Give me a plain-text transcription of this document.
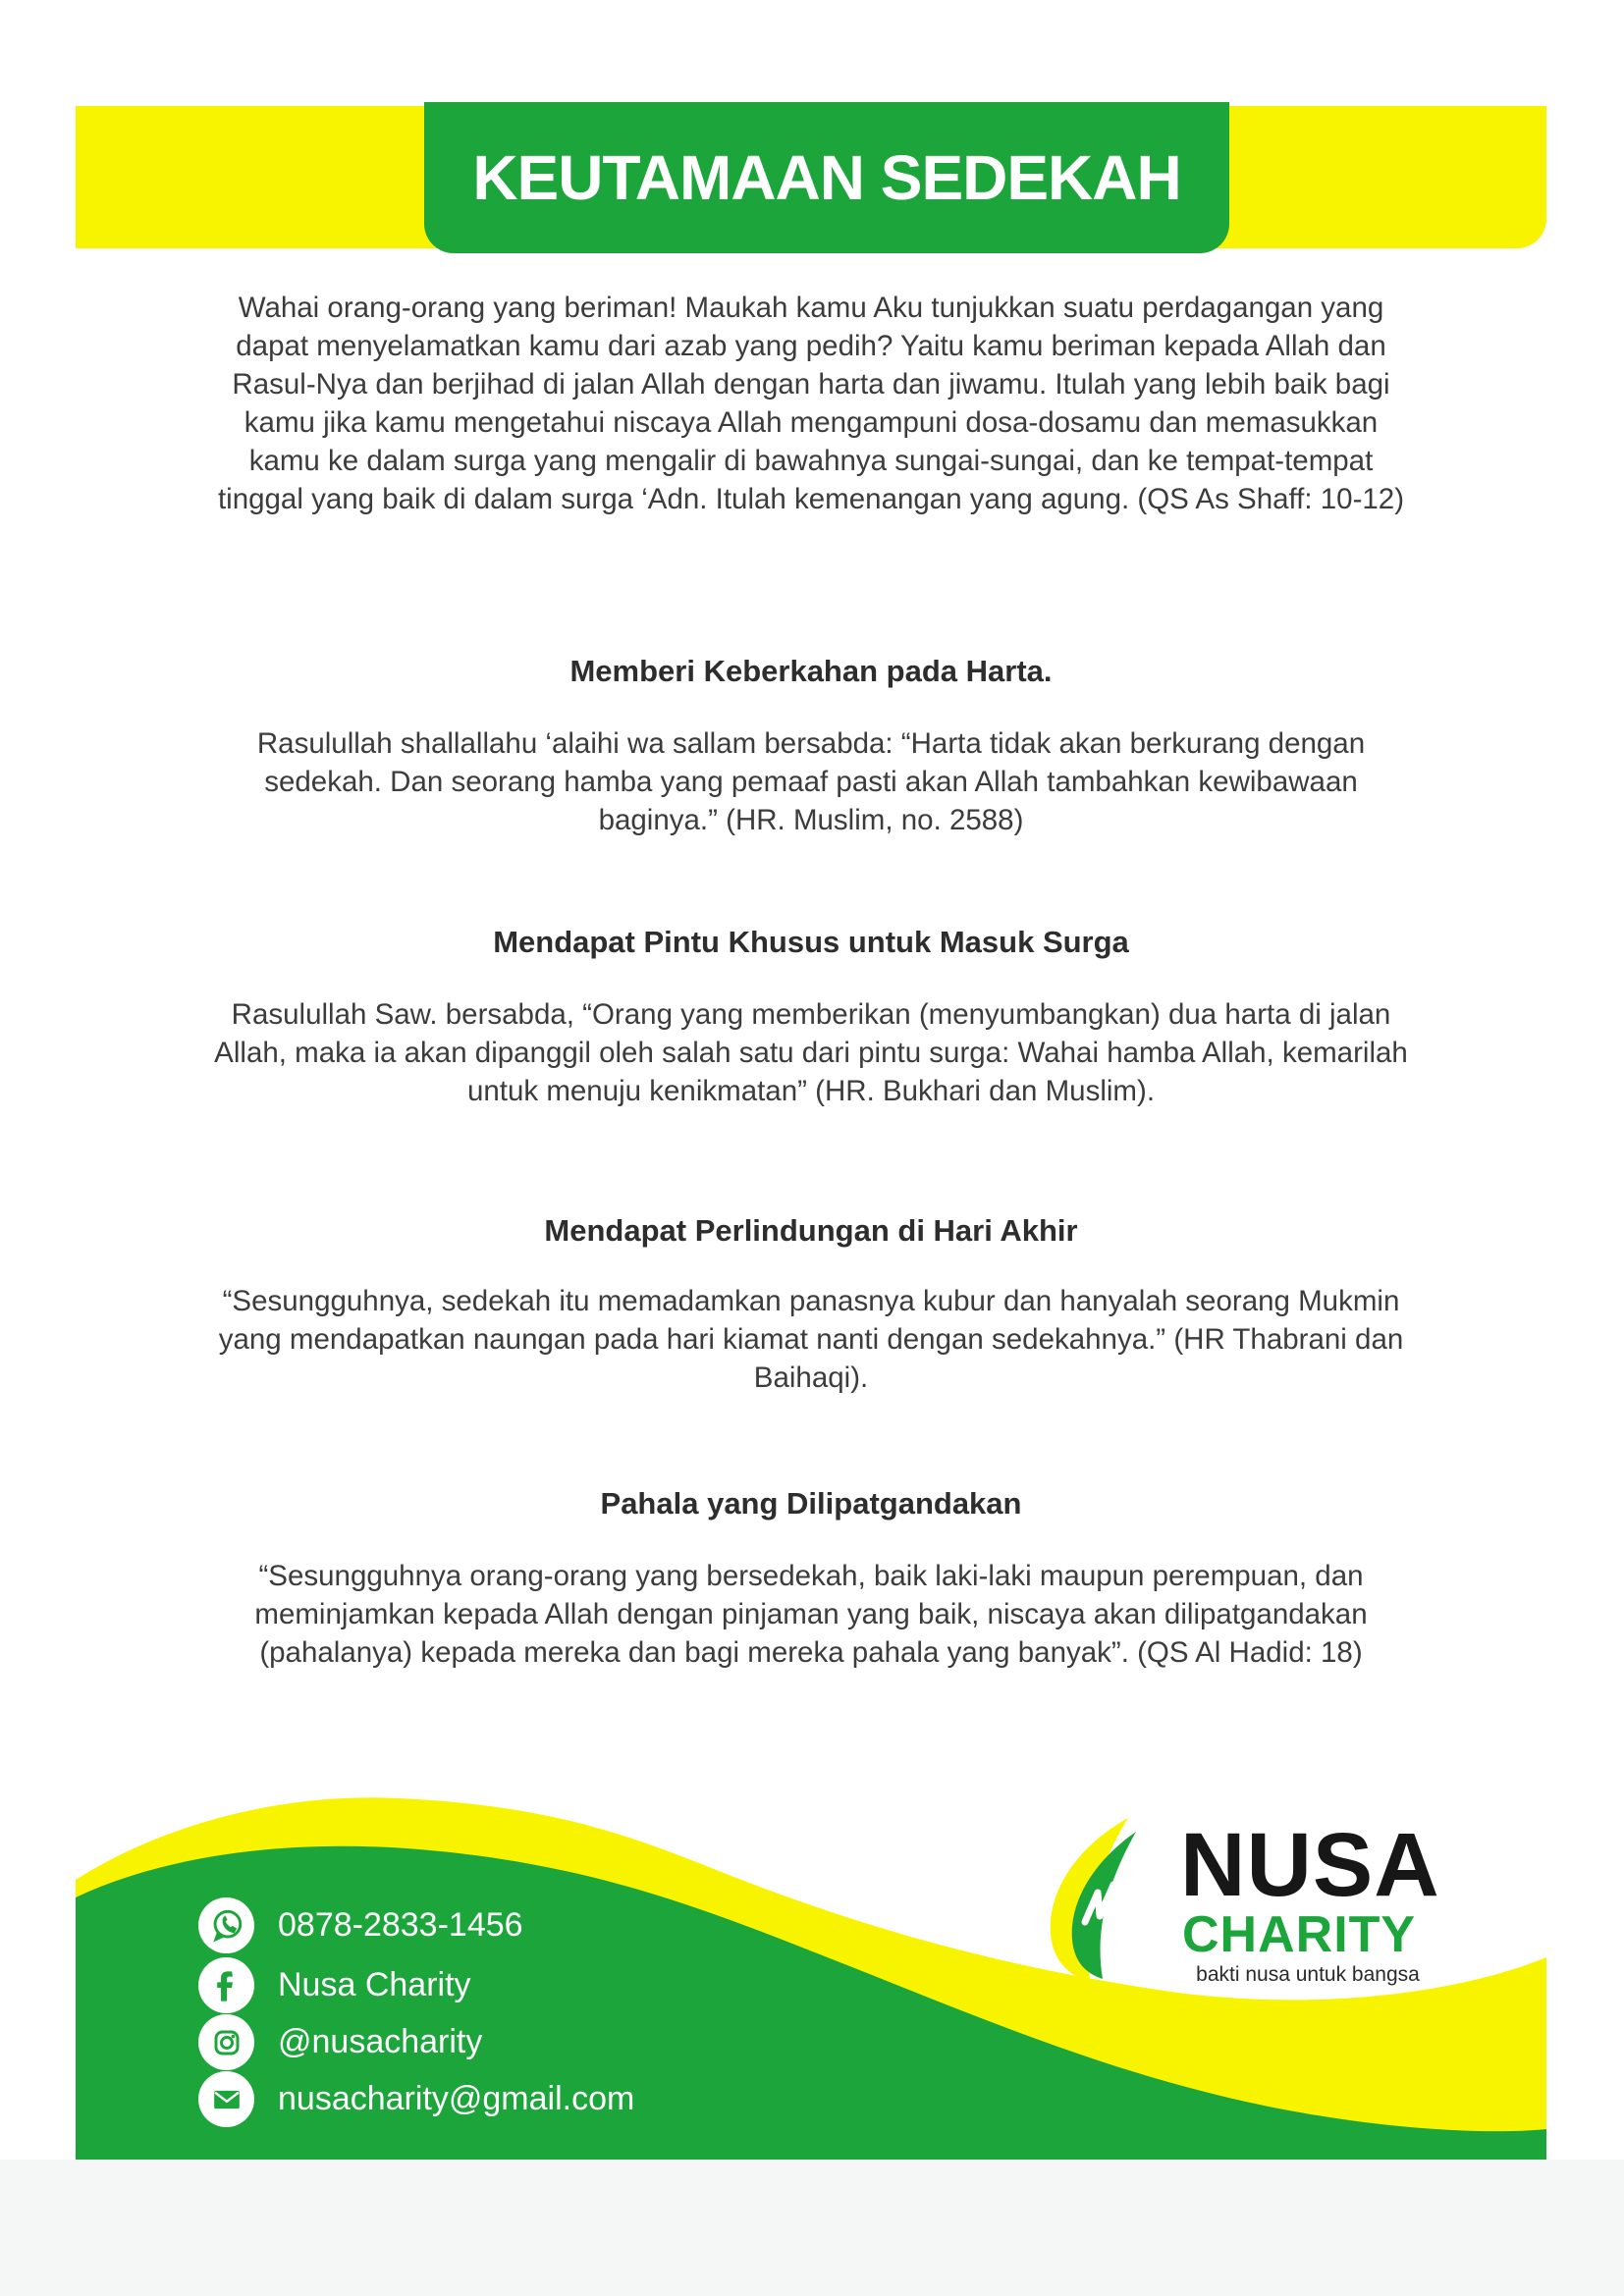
KEUTAMAAN SEDEKAH

Wahai orang-orang yang beriman! Maukah kamu Aku tunjukkan suatu perdagangan yang dapat menyelamatkan kamu dari azab yang pedih? Yaitu kamu beriman kepada Allah dan Rasul-Nya dan berjihad di jalan Allah dengan harta dan jiwamu. Itulah yang lebih baik bagi kamu jika kamu mengetahui niscaya Allah mengampuni dosa-dosamu dan memasukkan kamu ke dalam surga yang mengalir di bawahnya sungai-sungai, dan ke tempat-tempat tinggal yang baik di dalam surga ‘Adn. Itulah kemenangan yang agung. (QS As Shaff: 10-12)

Memberi Keberkahan pada Harta.

Rasulullah shallallahu ‘alaihi wa sallam bersabda: “Harta tidak akan berkurang dengan sedekah. Dan seorang hamba yang pemaaf pasti akan Allah tambahkan kewibawaan baginya.” (HR. Muslim, no. 2588)

Mendapat Pintu Khusus untuk Masuk Surga

Rasulullah Saw. bersabda, “Orang yang memberikan (menyumbangkan) dua harta di jalan Allah, maka ia akan dipanggil oleh salah satu dari pintu surga: Wahai hamba Allah, kemarilah untuk menuju kenikmatan” (HR. Bukhari dan Muslim).

Mendapat Perlindungan di Hari Akhir

“Sesungguhnya, sedekah itu memadamkan panasnya kubur dan hanyalah seorang Mukmin yang mendapatkan naungan pada hari kiamat nanti dengan sedekahnya.” (HR Thabrani dan Baihaqi).

Pahala yang Dilipatgandakan

“Sesungguhnya orang-orang yang bersedekah, baik laki-laki maupun perempuan, dan meminjamkan kepada Allah dengan pinjaman yang baik, niscaya akan dilipatgandakan (pahalanya) kepada mereka dan bagi mereka pahala yang banyak”. (QS Al Hadid: 18)

0878-2833-1456
Nusa Charity
@nusacharity
nusacharity@gmail.com
NUSA
CHARITY
bakti nusa untuk bangsa
